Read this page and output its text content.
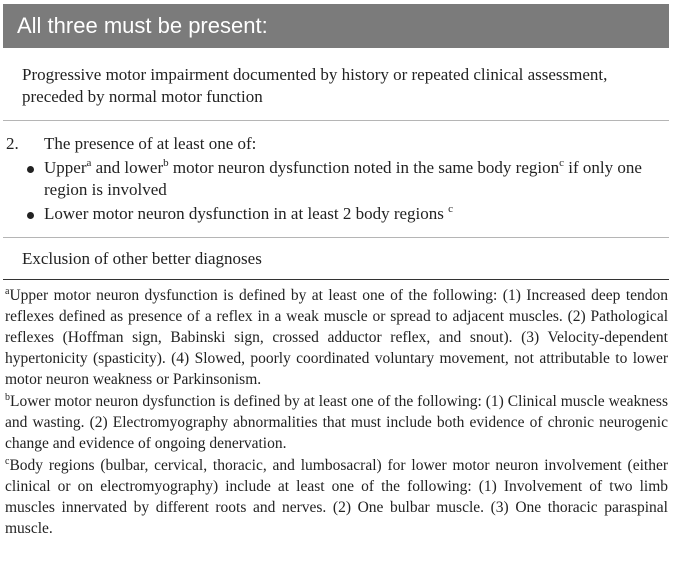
All three must be present:
Progressive motor impairment documented by history or repeated clinical assessment, preceded by normal motor function
2. The presence of at least one of:
Upper$^a$ and lower$^b$ motor neuron dysfunction noted in the same body region$^c$ if only one region is involved
Lower motor neuron dysfunction in at least 2 body regions $^c$
Exclusion of other better diagnoses

$^a$Upper motor neuron dysfunction is defined by at least one of the following: (1) Increased deep tendon reflexes defined as presence of a reflex in a weak muscle or spread to adjacent muscles. (2) Pathological reflexes (Hoffman sign, Babinski sign, crossed adductor reflex, and snout). (3) Velocity-dependent hypertonicity (spasticity). (4) Slowed, poorly coordinated voluntary movement, not attributable to lower motor neuron weakness or Parkinsonism.

$^b$Lower motor neuron dysfunction is defined by at least one of the following: (1) Clinical muscle weakness and wasting. (2) Electromyography abnormalities that must include both evidence of chronic neurogenic change and evidence of ongoing denervation.

$^c$Body regions (bulbar, cervical, thoracic, and lumbosacral) for lower motor neuron involvement (either clinical or on electromyography) include at least one of the following: (1) Involvement of two limb muscles innervated by different roots and nerves. (2) One bulbar muscle. (3) One thoracic paraspinal muscle.
